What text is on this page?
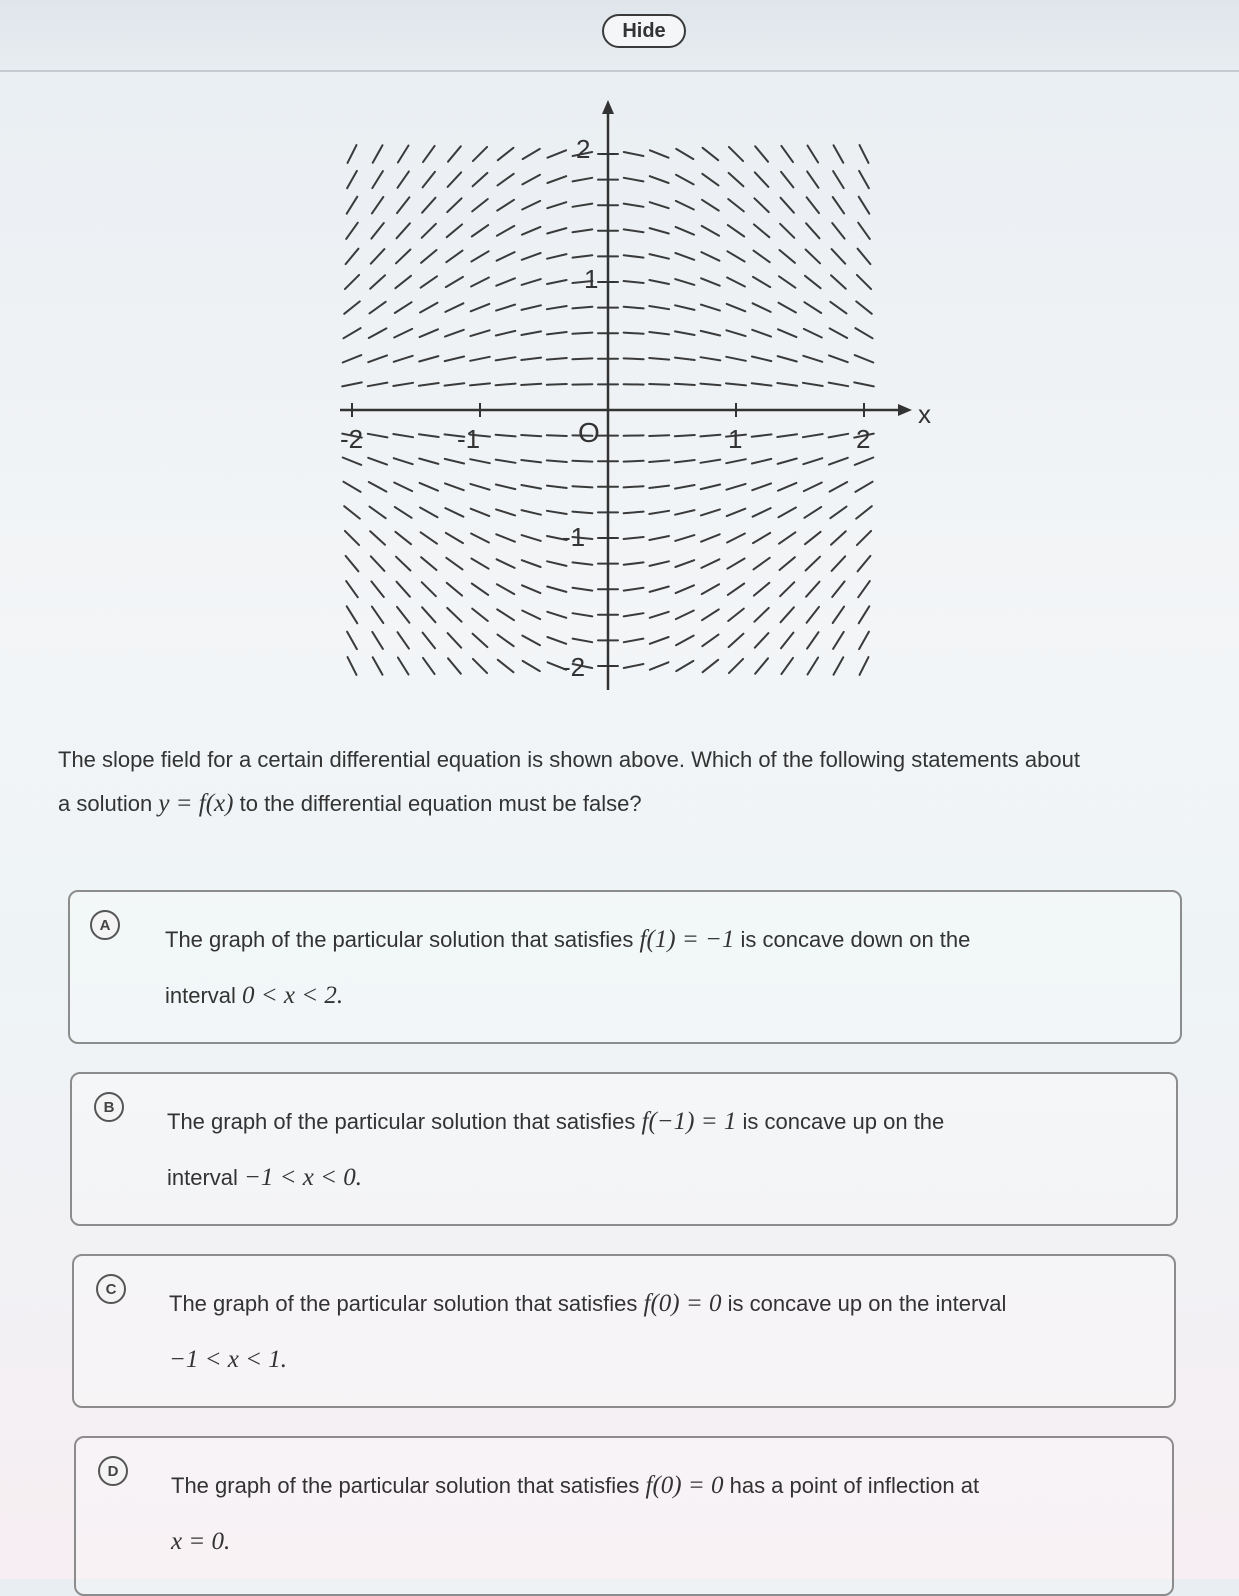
Hide
x
-2	-1	O	1	2
2
1
-1
-2
The slope field for a certain differential equation is shown above. Which of the following statements about
a solution y = f(x) to the differential equation must be false?
A
The graph of the particular solution that satisfies f(1) = −1 is concave down on the
interval 0 < x < 2.
B
The graph of the particular solution that satisfies f(−1) = 1 is concave up on the
interval −1 < x < 0.
C
The graph of the particular solution that satisfies f(0) = 0 is concave up on the interval
−1 < x < 1.
D
The graph of the particular solution that satisfies f(0) = 0 has a point of inflection at
x = 0.
